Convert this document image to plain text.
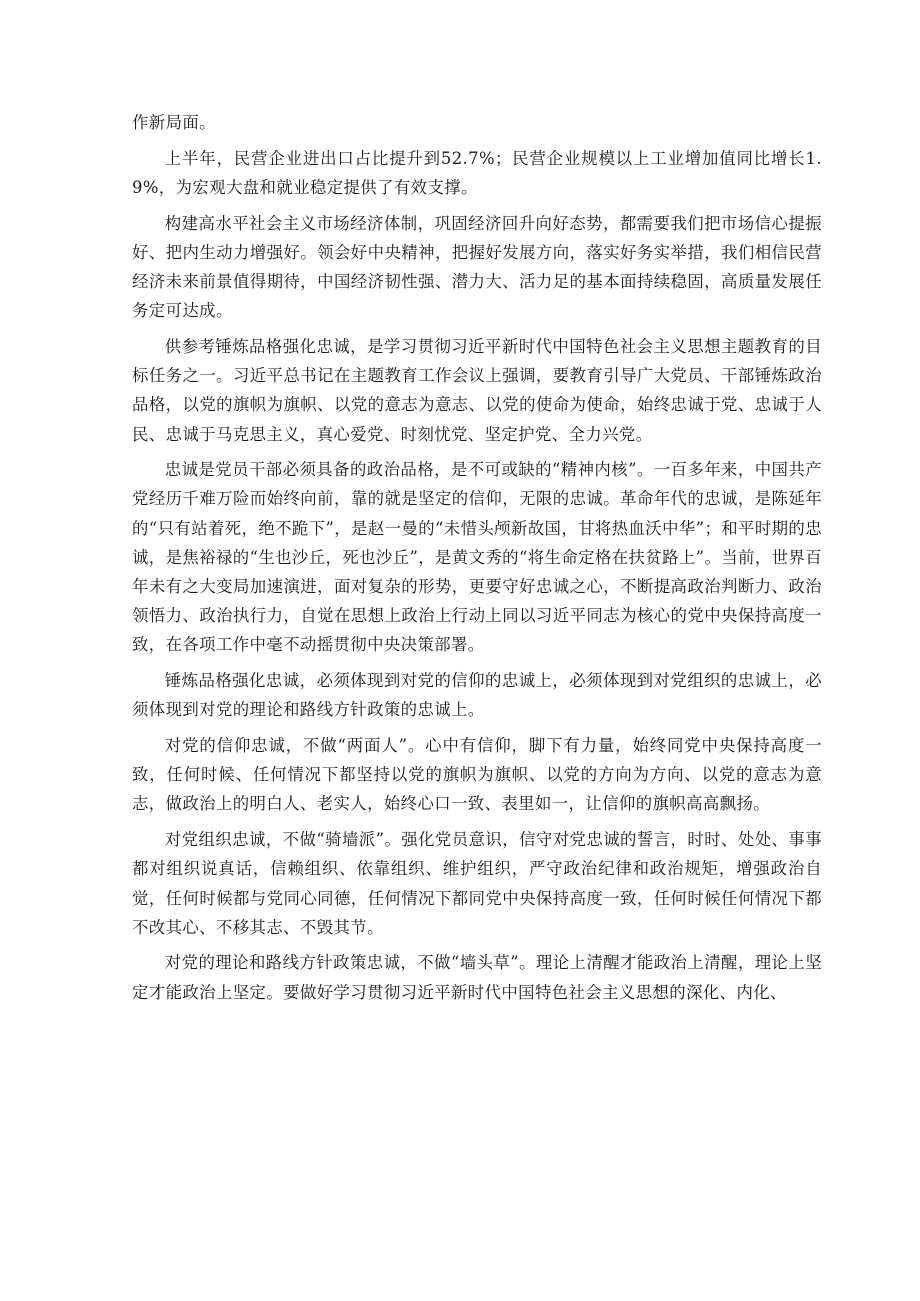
作新局面。

上半年，民营企业进出口占比提升到52.7%；民营企业规模以上工业增加值同比增长1.9%，为宏观大盘和就业稳定提供了有效支撑。

构建高水平社会主义市场经济体制，巩固经济回升向好态势，都需要我们把市场信心提振好、把内生动力增强好。领会好中央精神，把握好发展方向，落实好务实举措，我们相信民营经济未来前景值得期待，中国经济韧性强、潜力大、活力足的基本面持续稳固，高质量发展任务定可达成。

供参考锤炼品格强化忠诚，是学习贯彻习近平新时代中国特色社会主义思想主题教育的目标任务之一。习近平总书记在主题教育工作会议上强调，要教育引导广大党员、干部锤炼政治品格，以党的旗帜为旗帜、以党的意志为意志、以党的使命为使命，始终忠诚于党、忠诚于人民、忠诚于马克思主义，真心爱党、时刻忧党、坚定护党、全力兴党。

忠诚是党员干部必须具备的政治品格，是不可或缺的“精神内核”。一百多年来，中国共产党经历千难万险而始终向前，靠的就是坚定的信仰，无限的忠诚。革命年代的忠诚，是陈延年的“只有站着死，绝不跪下”，是赵一曼的“未惜头颅新故国，甘将热血沃中华”；和平时期的忠诚，是焦裕禄的“生也沙丘，死也沙丘”，是黄文秀的“将生命定格在扶贫路上”。当前，世界百年未有之大变局加速演进，面对复杂的形势，更要守好忠诚之心，不断提高政治判断力、政治领悟力、政治执行力，自觉在思想上政治上行动上同以习近平同志为核心的党中央保持高度一致，在各项工作中毫不动摇贯彻中央决策部署。

锤炼品格强化忠诚，必须体现到对党的信仰的忠诚上，必须体现到对党组织的忠诚上，必须体现到对党的理论和路线方针政策的忠诚上。

对党的信仰忠诚，不做“两面人”。心中有信仰，脚下有力量，始终同党中央保持高度一致，任何时候、任何情况下都坚持以党的旗帜为旗帜、以党的方向为方向、以党的意志为意志，做政治上的明白人、老实人，始终心口一致、表里如一，让信仰的旗帜高高飘扬。

对党组织忠诚，不做“骑墙派”。强化党员意识，信守对党忠诚的誓言，时时、处处、事事都对组织说真话，信赖组织、依靠组织、维护组织，严守政治纪律和政治规矩，增强政治自觉，任何时候都与党同心同德，任何情况下都同党中央保持高度一致，任何时候任何情况下都不改其心、不移其志、不毁其节。

对党的理论和路线方针政策忠诚，不做“墙头草”。理论上清醒才能政治上清醒，理论上坚定才能政治上坚定。要做好学习贯彻习近平新时代中国特色社会主义思想的深化、内化、
